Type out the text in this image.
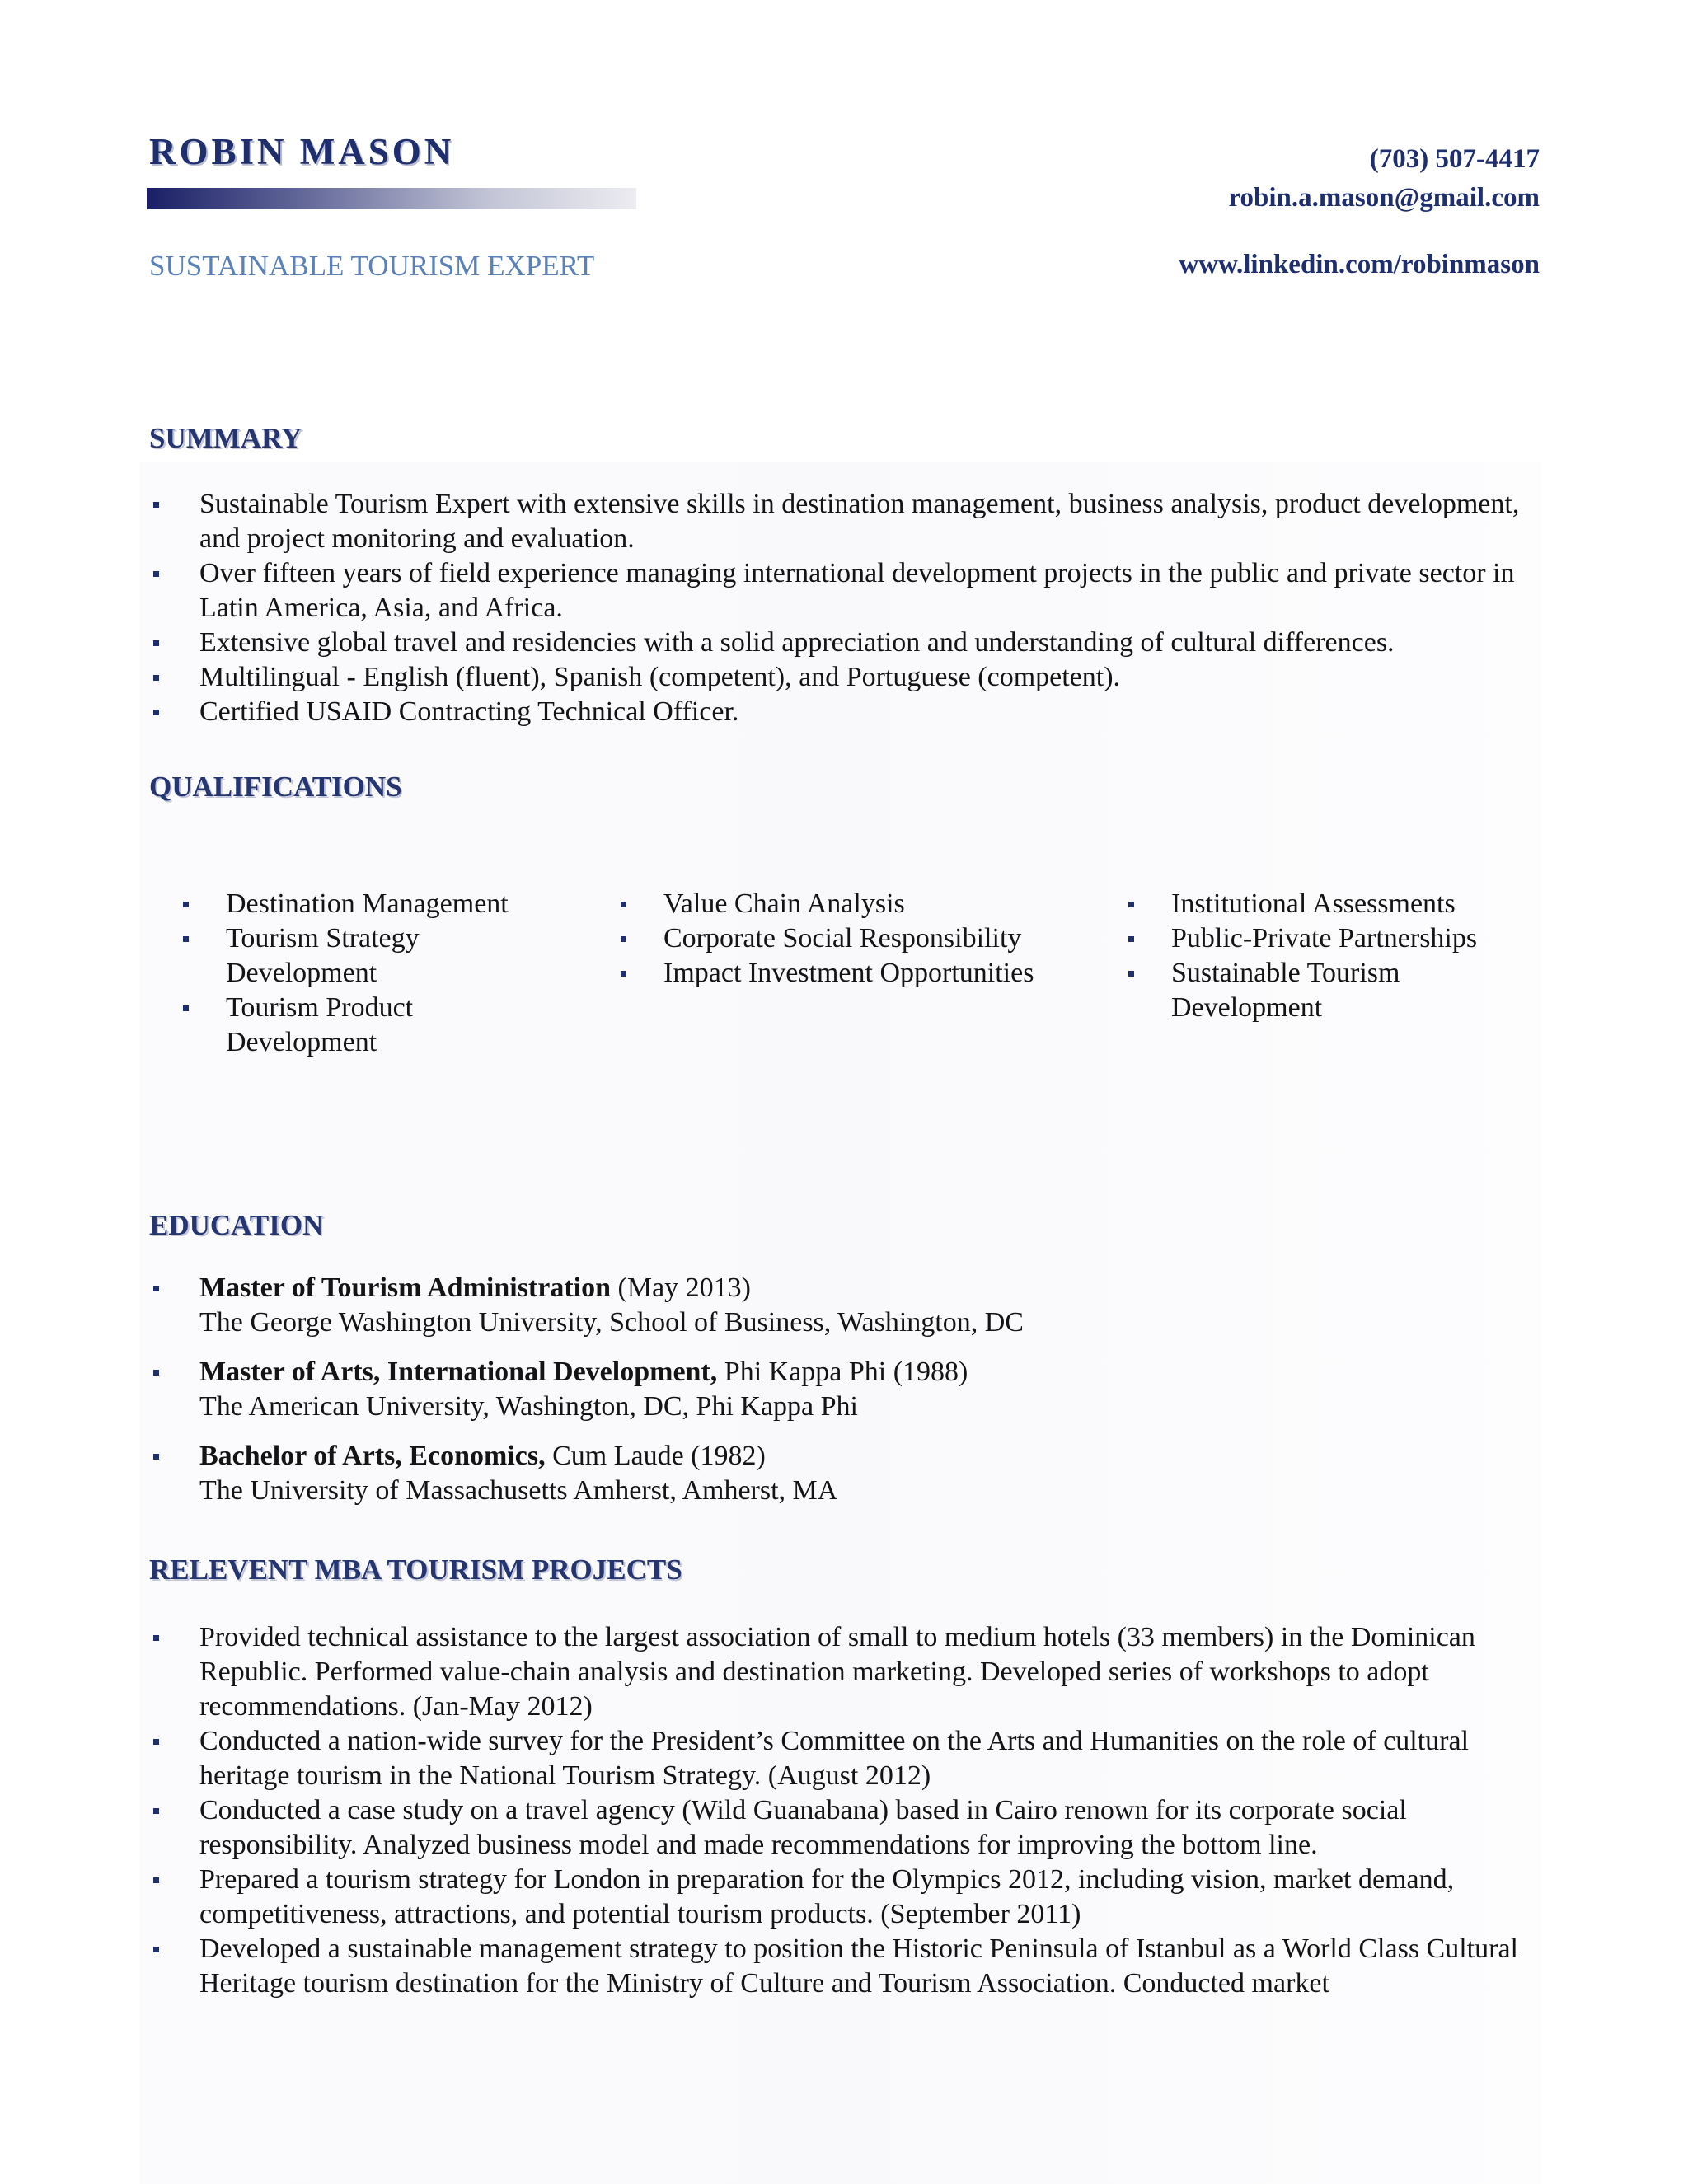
ROBIN MASON
SUSTAINABLE TOURISM EXPERT
(703) 507-4417
robin.a.mason@gmail.com
www.linkedin.com/robinmason
SUMMARY
Sustainable Tourism Expert with extensive skills in destination management, business analysis, product development, and project monitoring and evaluation.
Over fifteen years of field experience managing international development projects in the public and private sector in Latin America, Asia, and Africa.
Extensive global travel and residencies with a solid appreciation and understanding of cultural differences.
Multilingual - English (fluent), Spanish (competent), and Portuguese (competent).
Certified USAID Contracting Technical Officer.
QUALIFICATIONS
Destination Management
Tourism Strategy Development
Tourism Product Development
Value Chain Analysis
Corporate Social Responsibility
Impact Investment Opportunities
Institutional Assessments
Public-Private Partnerships
Sustainable Tourism Development
EDUCATION
Master of Tourism Administration (May 2013)
The George Washington University, School of Business, Washington, DC
Master of Arts, International Development, Phi Kappa Phi (1988)
The American University, Washington, DC, Phi Kappa Phi
Bachelor of Arts, Economics, Cum Laude (1982)
The University of Massachusetts Amherst, Amherst, MA
RELEVENT MBA TOURISM PROJECTS
Provided technical assistance to the largest association of small to medium hotels (33 members) in the Dominican Republic. Performed value-chain analysis and destination marketing. Developed series of workshops to adopt recommendations. (Jan-May 2012)
Conducted a nation-wide survey for the President’s Committee on the Arts and Humanities on the role of cultural heritage tourism in the National Tourism Strategy. (August 2012)
Conducted a case study on a travel agency (Wild Guanabana) based in Cairo renown for its corporate social responsibility. Analyzed business model and made recommendations for improving the bottom line.
Prepared a tourism strategy for London in preparation for the Olympics 2012, including vision, market demand, competitiveness, attractions, and potential tourism products. (September 2011)
Developed a sustainable management strategy to position the Historic Peninsula of Istanbul as a World Class Cultural Heritage tourism destination for the Ministry of Culture and Tourism Association. Conducted market
